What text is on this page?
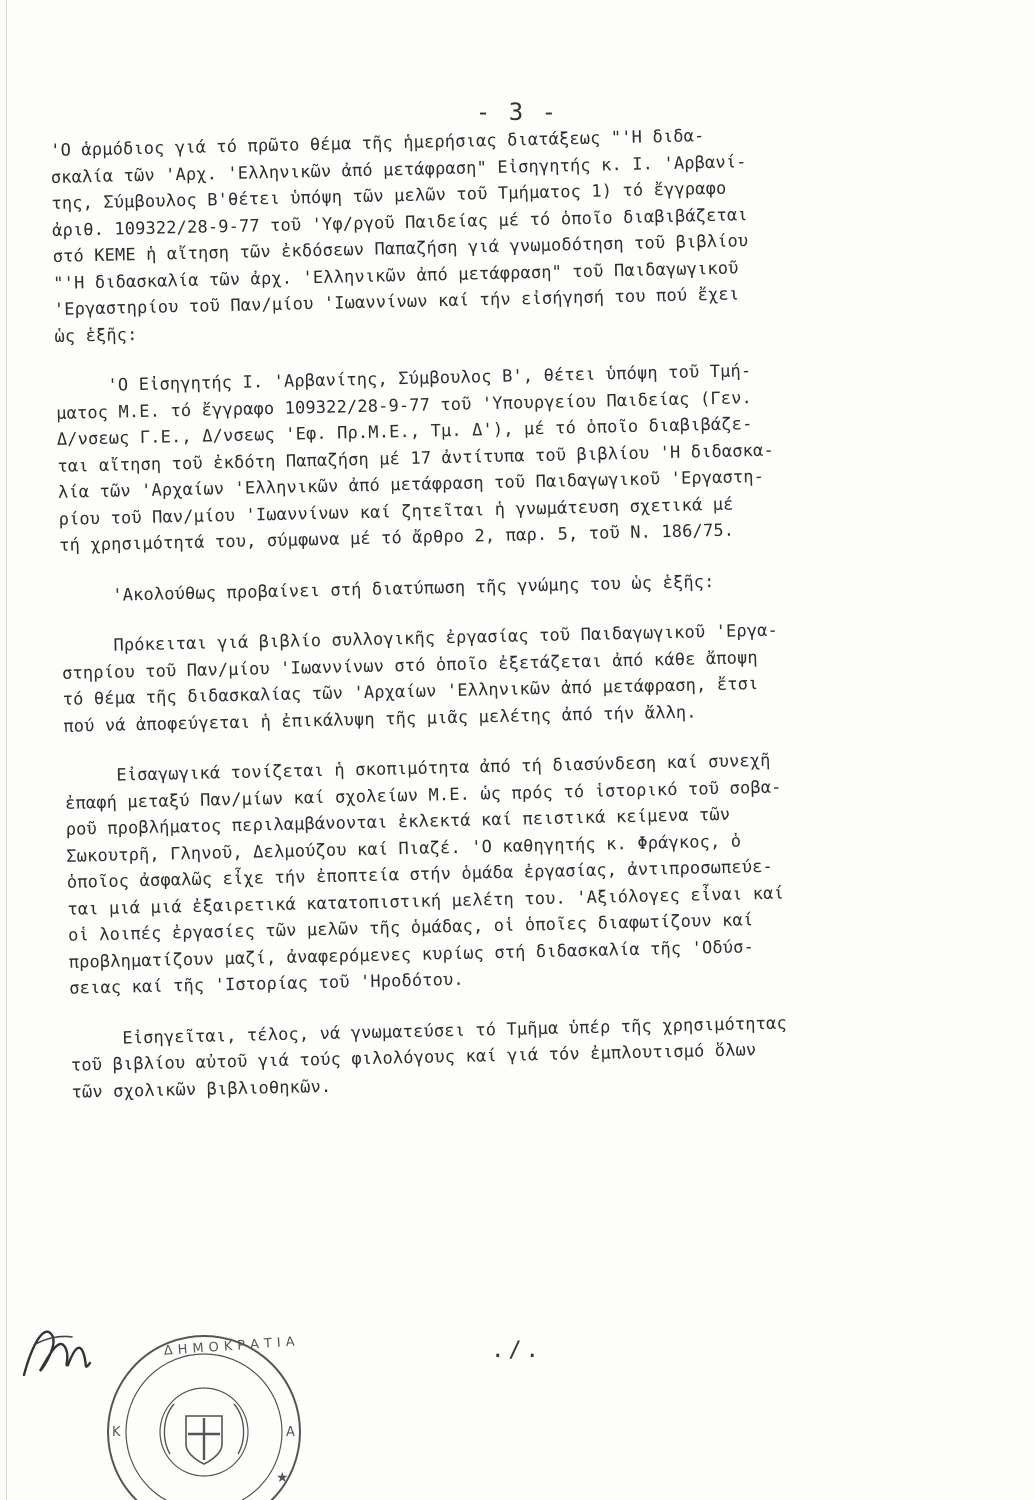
- 3 -
'Ο ἁρμόδιος γιά τό πρῶτο θέμα τῆς ἡμερήσιας διατάξεως "'Η διδα-
σκαλία τῶν 'Αρχ. 'Ελληνικῶν ἀπό μετάφραση" Εἰσηγητής κ. Ι. 'Αρβανί-
της, Σύμβουλος Β'θέτει ὑπόψη τῶν μελῶν τοῦ Τμήματος 1) τό ἔγγραφο
ἀριθ. 109322/28-9-77 τοῦ 'Υφ/ργοῦ Παιδείας μέ τό ὁποῖο διαβιβάζεται
στό ΚΕΜΕ ἡ αἴτηση τῶν ἐκδόσεων Παπαζήση γιά γνωμοδότηση τοῦ βιβλίου
"'Η διδασκαλία τῶν ἀρχ. 'Ελληνικῶν ἀπό μετάφραση" τοῦ Παιδαγωγικοῦ
'Εργαστηρίου τοῦ Παν/μίου 'Ιωαννίνων καί τήν εἰσήγησή του πού ἔχει
ὡς ἑξῆς:
'Ο Εἰσηγητής Ι. 'Αρβανίτης, Σύμβουλος Β', θέτει ὑπόψη τοῦ Τμή-
ματος Μ.Ε. τό ἔγγραφο 109322/28-9-77 τοῦ 'Υπουργείου Παιδείας (Γεν.
Δ/νσεως Γ.Ε., Δ/νσεως 'Εφ. Πρ.Μ.Ε., Τμ. Δ'), μέ τό ὁποῖο διαβιβάζε-
ται αἴτηση τοῦ ἐκδότη Παπαζήση μέ 17 ἀντίτυπα τοῦ βιβλίου 'Η διδασκα-
λία τῶν 'Αρχαίων 'Ελληνικῶν ἀπό μετάφραση τοῦ Παιδαγωγικοῦ 'Εργαστη-
ρίου τοῦ Παν/μίου 'Ιωαννίνων καί ζητεῖται ἡ γνωμάτευση σχετικά μέ
τή χρησιμότητά του, σύμφωνα μέ τό ἄρθρο 2, παρ. 5, τοῦ Ν. 186/75.
'Ακολούθως προβαίνει στή διατύπωση τῆς γνώμης του ὡς ἑξῆς:
Πρόκειται γιά βιβλίο συλλογικῆς ἐργασίας τοῦ Παιδαγωγικοῦ 'Εργα-
στηρίου τοῦ Παν/μίου 'Ιωαννίνων στό ὁποῖο ἐξετάζεται ἀπό κάθε ἄποψη
τό θέμα τῆς διδασκαλίας τῶν 'Αρχαίων 'Ελληνικῶν ἀπό μετάφραση, ἔτσι
πού νά ἀποφεύγεται ἡ ἐπικάλυψη τῆς μιᾶς μελέτης ἀπό τήν ἄλλη.
Εἰσαγωγικά τονίζεται ἡ σκοπιμότητα ἀπό τή διασύνδεση καί συνεχῆ
ἐπαφή μεταξύ Παν/μίων καί σχολείων Μ.Ε. ὡς πρός τό ἱστορικό τοῦ σοβα-
ροῦ προβλήματος περιλαμβάνονται ἐκλεκτά καί πειστικά κείμενα τῶν
Σωκουτρῆ, Γληνοῦ, Δελμούζου καί Πιαζέ. 'Ο καθηγητής κ. Φράγκος, ὁ
ὁποῖος ἀσφαλῶς εἶχε τήν ἐποπτεία στήν ὁμάδα ἐργασίας, ἀντιπροσωπεύε-
ται μιά μιά ἐξαιρετικά κατατοπιστική μελέτη του. 'Αξιόλογες εἶναι καί
οἱ λοιπές ἐργασίες τῶν μελῶν τῆς ὁμάδας, οἱ ὁποῖες διαφωτίζουν καί
προβληματίζουν μαζί, ἀναφερόμενες κυρίως στή διδασκαλία τῆς 'Οδύσ-
σειας καί τῆς 'Ιστορίας τοῦ 'Ηροδότου.
Εἰσηγεῖται, τέλος, νά γνωματεύσει τό Τμῆμα ὑπέρ τῆς χρησιμότητας
τοῦ βιβλίου αὐτοῦ γιά τούς φιλολόγους καί γιά τόν ἐμπλουτισμό ὅλων
τῶν σχολικῶν βιβλιοθηκῶν.
ΔΗΜΟΚΡΑΤΙΑ
Κ	Α
★
./.
